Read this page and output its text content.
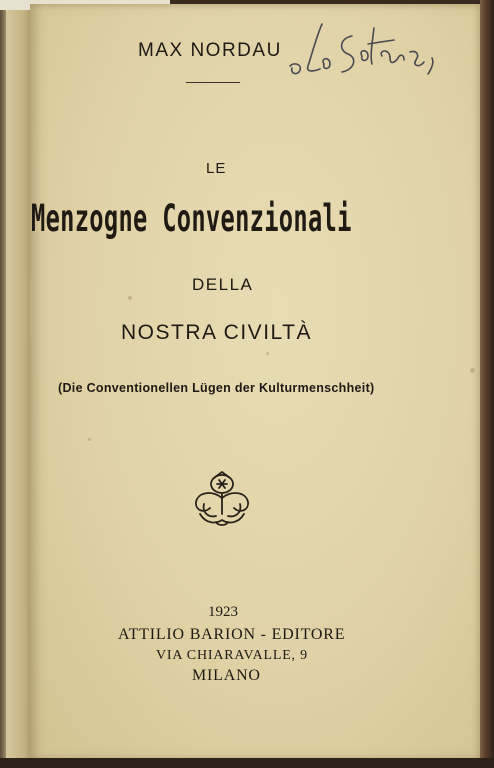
MAX NORDAU
LE
Menzogne Convenzionali
DELLA
NOSTRA CIVILTÀ
(Die Conventionellen Lügen der Kulturmenschheit)
1923
ATTILIO BARION - EDITORE
VIA CHIARAVALLE, 9
MILANO
